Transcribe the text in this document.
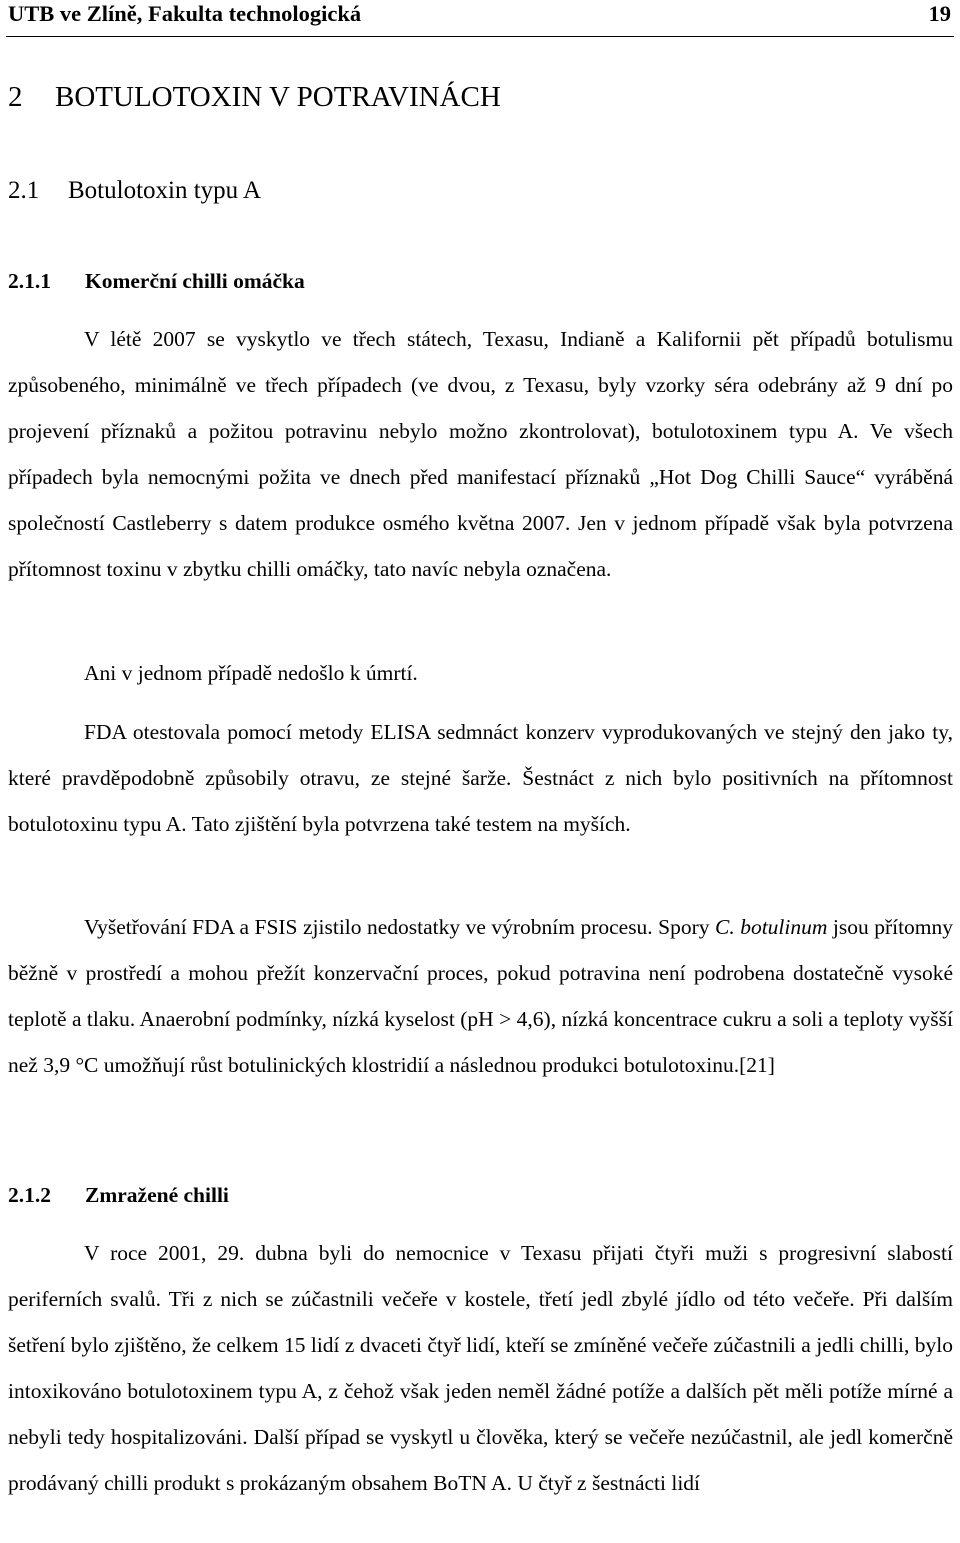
UTB ve Zlíně, Fakulta technologická	19
2 BOTULOTOXIN V POTRAVINÁCH
2.1 Botulotoxin typu A
2.1.1 Komerční chilli omáčka

V létě 2007 se vyskytlo ve třech státech, Texasu, Indianě a Kalifornii pět případů botulismu způsobeného, minimálně ve třech případech (ve dvou, z Texasu, byly vzorky séra odebrány až 9 dní po projevení příznaků a požitou potravinu nebylo možno zkontrolovat), botulotoxinem typu A. Ve všech případech byla nemocnými požita ve dnech před manifestací příznaků „Hot Dog Chilli Sauce“ vyráběná společností Castleberry s datem produkce osmého května 2007. Jen v jednom případě však byla potvrzena přítomnost toxinu v zbytku chilli omáčky, tato navíc nebyla označena.

Ani v jednom případě nedošlo k úmrtí.

FDA otestovala pomocí metody ELISA sedmnáct konzerv vyprodukovaných ve stejný den jako ty, které pravděpodobně způsobily otravu, ze stejné šarže. Šestnáct z nich bylo positivních na přítomnost botulotoxinu typu A. Tato zjištění byla potvrzena také testem na myších.

Vyšetřování FDA a FSIS zjistilo nedostatky ve výrobním procesu. Spory C. botulinum jsou přítomny běžně v prostředí a mohou přežít konzervační proces, pokud potravina není podrobena dostatečně vysoké teplotě a tlaku. Anaerobní podmínky, nízká kyselost (pH > 4,6), nízká koncentrace cukru a soli a teploty vyšší než 3,9 °C umožňují růst botulinických klostridií a následnou produkci botulotoxinu.[21]

2.1.2 Zmražené chilli

V roce 2001, 29. dubna byli do nemocnice v Texasu přijati čtyři muži s progresivní slabostí periferních svalů. Tři z nich se zúčastnili večeře v kostele, třetí jedl zbylé jídlo od této večeře. Při dalším šetření bylo zjištěno, že celkem 15 lidí z dvaceti čtyř lidí, kteří se zmíněné večeře zúčastnili a jedli chilli, bylo intoxikováno botulotoxinem typu A, z čehož však jeden neměl žádné potíže a dalších pět měli potíže mírné a nebyli tedy hospitalizováni. Další případ se vyskytl u člověka, který se večeře nezúčastnil, ale jedl komerčně prodávaný chilli produkt s prokázaným obsahem BoTN A. U čtyř z šestnácti lidí
